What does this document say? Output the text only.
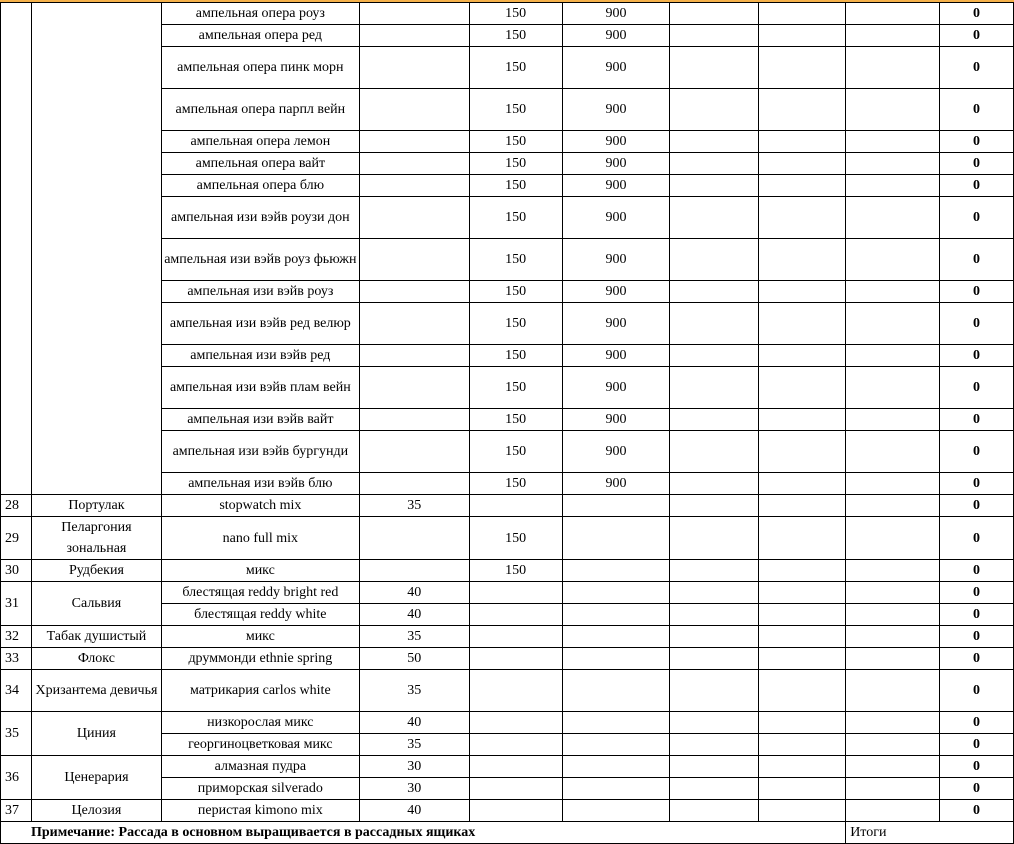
		ампельная опера роуз		150	900				0
		ампельная опера ред		150	900				0
		ампельная опера пинк морн		150	900				0
		ампельная опера парпл вейн		150	900				0
		ампельная опера лемон		150	900				0
		ампельная опера вайт		150	900				0
		ампельная опера блю		150	900				0
		ампельная изи вэйв роузи дон		150	900				0
		ампельная изи вэйв роуз фьюжн		150	900				0
		ампельная изи вэйв роуз		150	900				0
		ампельная изи вэйв ред велюр		150	900				0
		ампельная изи вэйв ред		150	900				0
		ампельная изи вэйв плам вейн		150	900				0
		ампельная изи вэйв вайт		150	900				0
		ампельная изи вэйв бургунди		150	900				0
		ампельная изи вэйв блю		150	900				0
28	Портулак	stopwatch mix	35						0
29	Пеларгония зональная	nano full mix		150					0
30	Рудбекия	микс		150					0
31	Сальвия	блестящая reddy bright red	40						0
		блестящая reddy white	40						0
32	Табак душистый	микс	35						0
33	Флокс	друммонди ethnie spring	50						0
34	Хризантема девичья	матрикария carlos white	35						0
35	Циния	низкорослая микс	40						0
		георгиноцветковая микс	35						0
36	Ценерария	алмазная пудра	30						0
		приморская silverado	30						0
37	Целозия	перистая kimono mix	40						0
Примечание: Рассада в основном выращивается в рассадных ящиках								Итоги	
